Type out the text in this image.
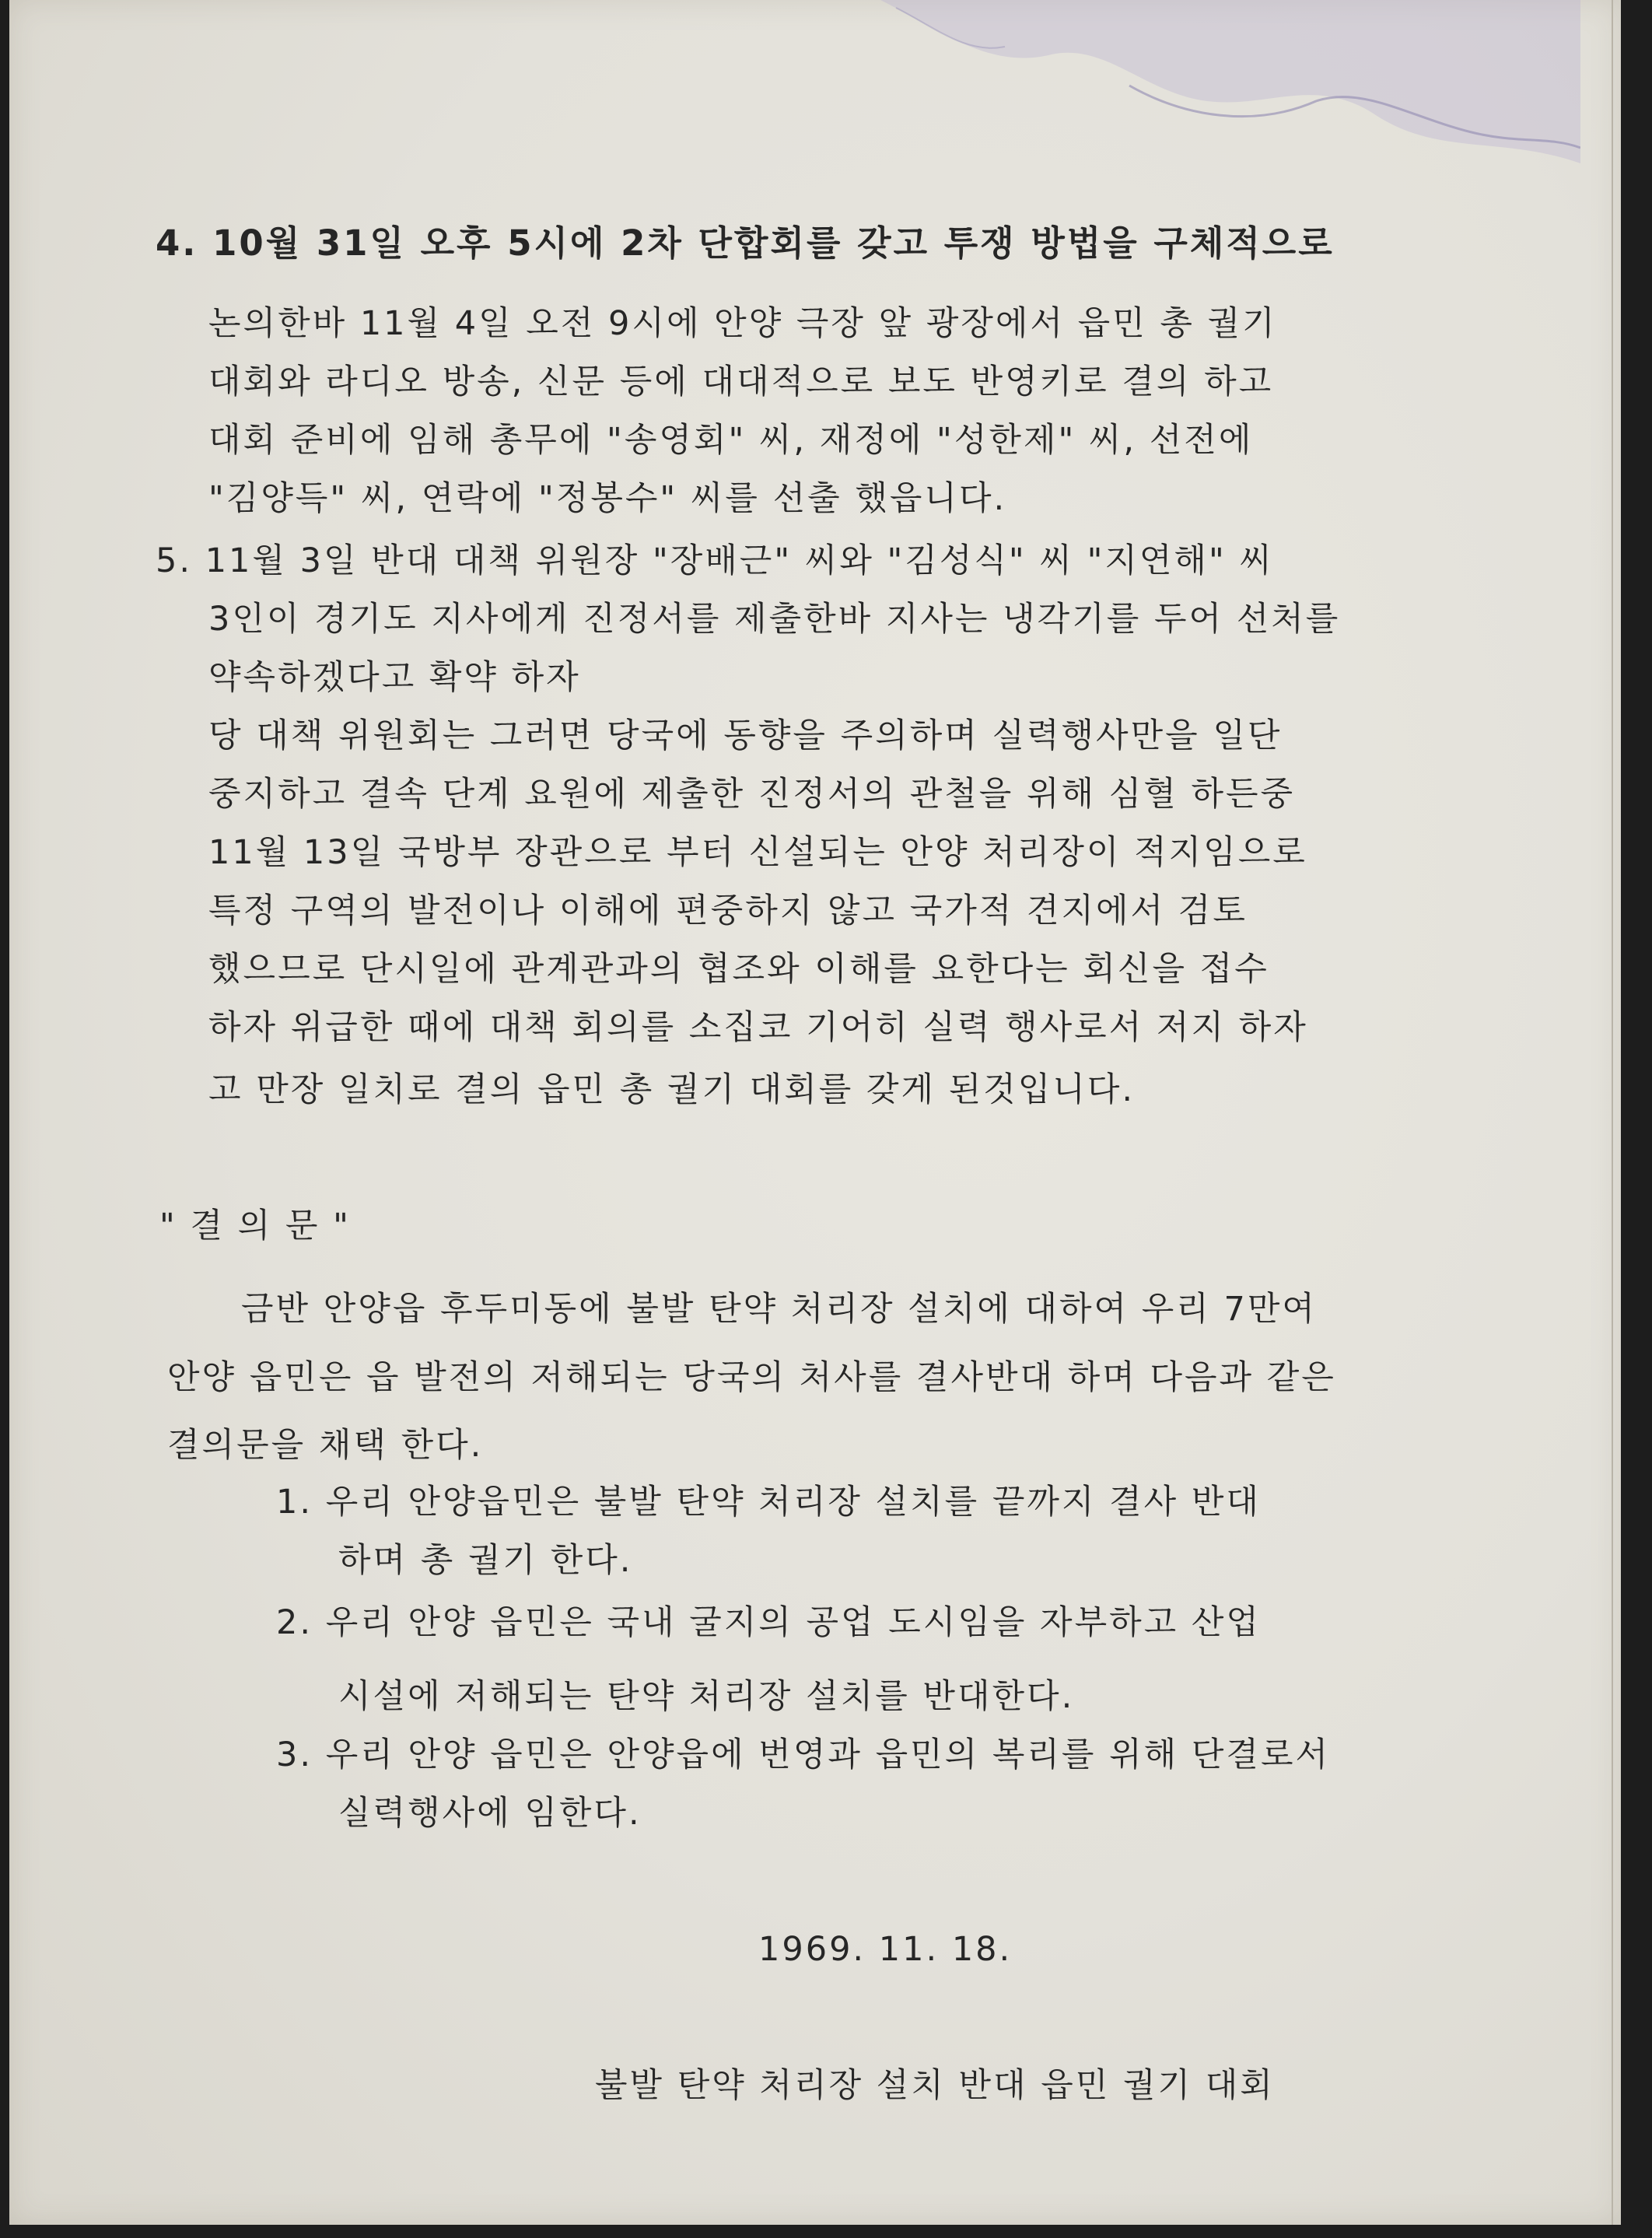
4. 10월 31일 오후 5시에 2차 단합회를 갖고 투쟁 방법을 구체적으로

논의한바 11월 4일 오전 9시에 안양 극장 앞 광장에서 읍민 총 궐기

대회와 라디오 방송, 신문 등에 대대적으로 보도 반영키로 결의 하고

대회 준비에 임해 총무에 "송영회" 씨, 재정에 "성한제" 씨, 선전에

"김양득" 씨, 연락에 "정봉수" 씨를 선출 했읍니다.

5. 11월 3일 반대 대책 위원장 "장배근" 씨와 "김성식" 씨 "지연해" 씨

3인이 경기도 지사에게 진정서를 제출한바 지사는 냉각기를 두어 선처를

약속하겠다고 확약 하자

당 대책 위원회는 그러면 당국에 동향을 주의하며 실력행사만을 일단

중지하고 결속 단계 요원에 제출한 진정서의 관철을 위해 심혈 하든중

11월 13일 국방부 장관으로 부터 신설되는 안양 처리장이 적지임으로

특정 구역의 발전이나 이해에 편중하지 않고 국가적 견지에서 검토

했으므로 단시일에 관계관과의 협조와 이해를 요한다는 회신을 접수

하자 위급한 때에 대책 회의를 소집코 기어히 실력 행사로서 저지 하자

고 만장 일치로 결의 읍민 총 궐기 대회를 갖게 된것입니다.

" 결 의 문 "

금반 안양읍 후두미동에 불발 탄약 처리장 설치에 대하여 우리 7만여

안양 읍민은 읍 발전의 저해되는 당국의 처사를 결사반대 하며 다음과 같은

결의문을 채택 한다.

1. 우리 안양읍민은 불발 탄약 처리장 설치를 끝까지 결사 반대

하며 총 궐기 한다.

2. 우리 안양 읍민은 국내 굴지의 공업 도시임을 자부하고 산업

시설에 저해되는 탄약 처리장 설치를 반대한다.

3. 우리 안양 읍민은 안양읍에 번영과 읍민의 복리를 위해 단결로서

실력행사에 임한다.

1969. 11. 18.

불발 탄약 처리장 설치 반대 읍민 궐기 대회
